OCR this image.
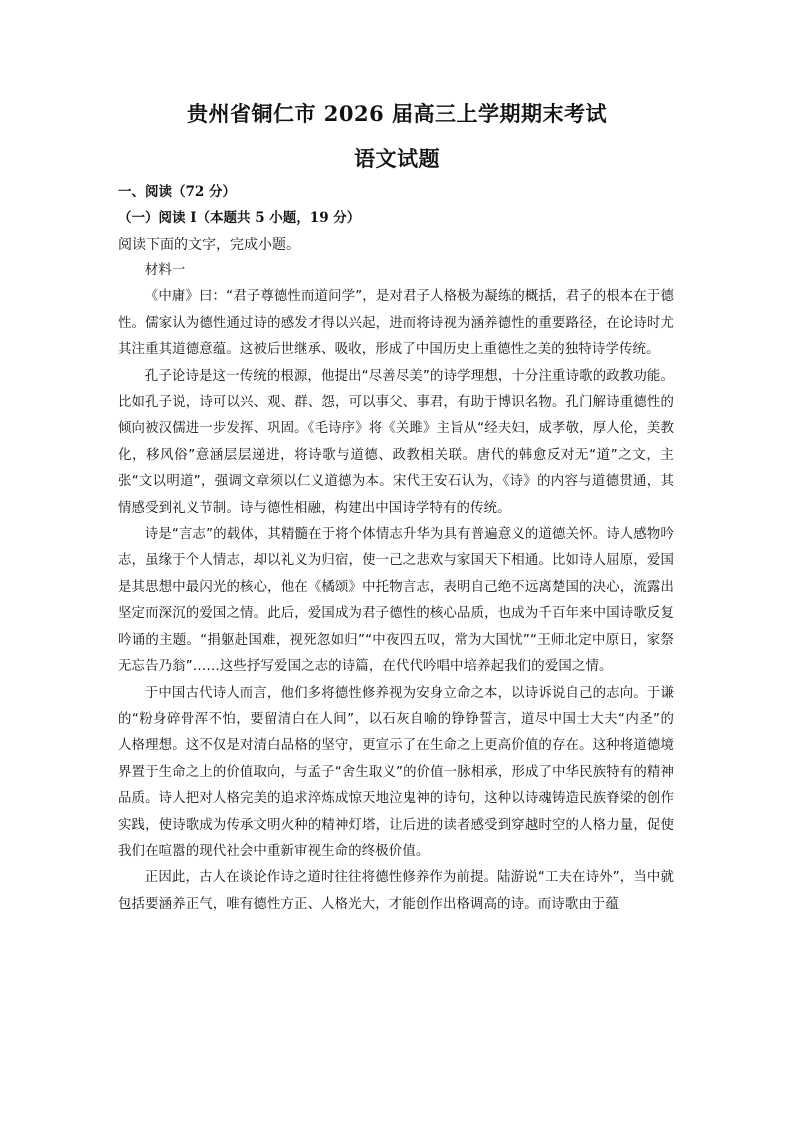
贵州省铜仁市 2026 届高三上学期期末考试
语文试题
一、阅读（72 分）
（一）阅读 I（本题共 5 小题，19 分）
阅读下面的文字，完成小题。

材料一

《中庸》曰：“君子尊德性而道问学”，是对君子人格极为凝练的概括，君子的根本在于德性。儒家认为德性通过诗的感发才得以兴起，进而将诗视为涵养德性的重要路径，在论诗时尤其注重其道德意蕴。这被后世继承、吸收，形成了中国历史上重德性之美的独特诗学传统。

孔子论诗是这一传统的根源，他提出“尽善尽美”的诗学理想，十分注重诗歌的政教功能。比如孔子说，诗可以兴、观、群、怨，可以事父、事君，有助于博识名物。孔门解诗重德性的倾向被汉儒进一步发挥、巩固。《毛诗序》将《关雎》主旨从“经夫妇，成孝敬，厚人伦，美教化，移风俗”意涵层层递进，将诗歌与道德、政教相关联。唐代的韩愈反对无“道”之文，主张“文以明道”，强调文章须以仁义道德为本。宋代王安石认为，《诗》的内容与道德贯通，其情感受到礼义节制。诗与德性相融，构建出中国诗学特有的传统。

诗是“言志”的载体，其精髓在于将个体情志升华为具有普遍意义的道德关怀。诗人感物吟志，虽缘于个人情志，却以礼义为归宿，使一己之悲欢与家国天下相通。比如诗人屈原，爱国是其思想中最闪光的核心，他在《橘颂》中托物言志，表明自己绝不远离楚国的决心，流露出坚定而深沉的爱国之情。此后，爱国成为君子德性的核心品质，也成为千百年来中国诗歌反复吟诵的主题。“捐躯赴国难，视死忽如归”“中夜四五叹，常为大国忧”“王师北定中原日，家祭无忘告乃翁”……这些抒写爱国之志的诗篇，在代代吟唱中培养起我们的爱国之情。

于中国古代诗人而言，他们多将德性修养视为安身立命之本，以诗诉说自己的志向。于谦的“粉身碎骨浑不怕，要留清白在人间”，以石灰自喻的铮铮誓言，道尽中国士大夫“内圣”的人格理想。这不仅是对清白品格的坚守，更宣示了在生命之上更高价值的存在。这种将道德境界置于生命之上的价值取向，与孟子“舍生取义”的价值一脉相承，形成了中华民族特有的精神品质。诗人把对人格完美的追求淬炼成惊天地泣鬼神的诗句，这种以诗魂铸造民族脊梁的创作实践，使诗歌成为传承文明火种的精神灯塔，让后进的读者感受到穿越时空的人格力量，促使我们在喧嚣的现代社会中重新审视生命的终极价值。

正因此，古人在谈论作诗之道时往往将德性修养作为前提。陆游说“工夫在诗外”，当中就包括要涵养正气，唯有德性方正、人格光大，才能创作出格调高的诗。而诗歌由于蕴
